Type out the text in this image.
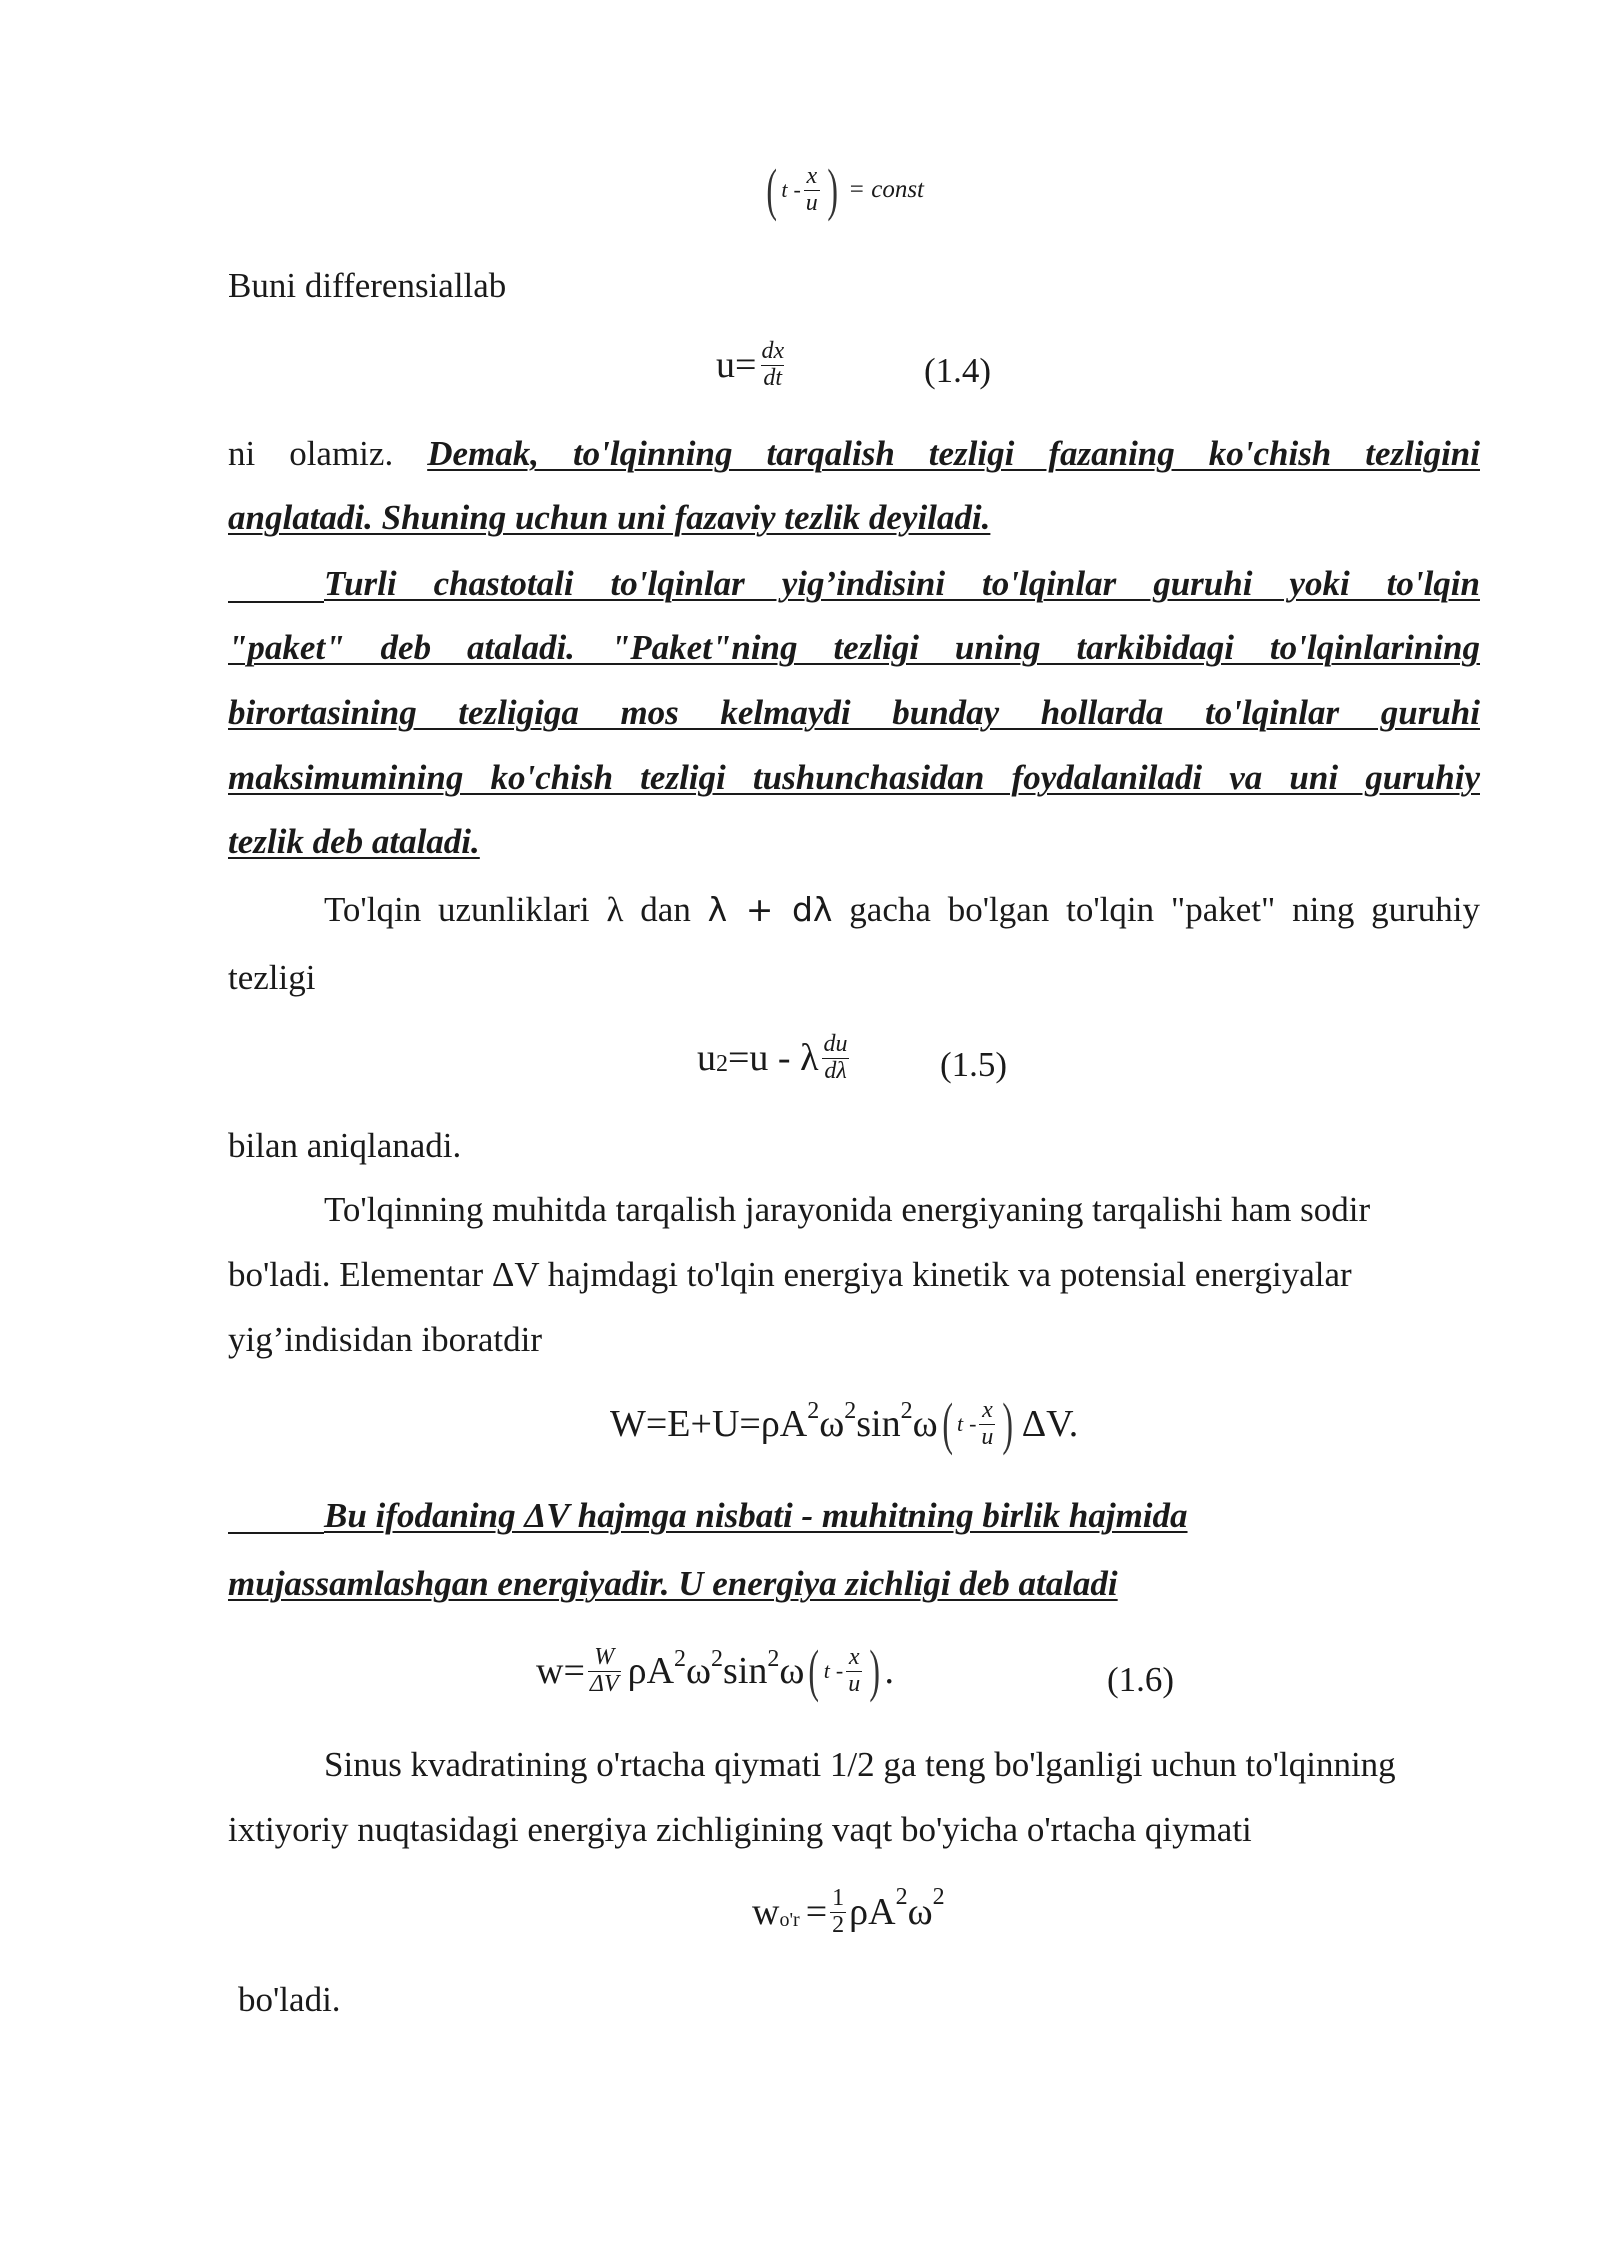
( t - $\frac{x}{u}$ ) = const
Buni differensiallab
$u= \frac{dx}{dt}$	(1.4)
ni olamiz. Demak, to'lqinning tarqalish tezligi fazaning ko'chish tezligini
anglatadi. Shuning uchun uni fazaviy tezlik deyiladi.
Turli chastotali to'lqinlar yig’indisini to'lqinlar guruhi yoki to'lqin
"paket" deb ataladi. "Paket"ning tezligi uning tarkibidagi to'lqinlarining
birortasining tezligiga mos kelmaydi bunday hollarda to'lqinlar guruhi
maksimumining ko'chish tezligi tushunchasidan foydalaniladi va uni guruhiy
tezlik deb ataladi.
To'lqin uzunliklari λ dan λ + dλ gacha bo'lgan to'lqin "paket" ning guruhiy
tezligi
u 2 =u - λ $\frac{du}{d\lambda}$	(1.5)
bilan aniqlanadi.
To'lqinning muhitda tarqalish jarayonida energiyaning tarqalishi ham sodir
bo'ladi. Elementar ΔV hajmdagi to'lqin energiya kinetik va potensial energiyalar
yig’indisidan iboratdir
W=E+U=ρA 2 ω 2 sin 2 ω ( t - $\frac{x}{u}$ ) ΔV.
Bu ifodaning ΔV hajmga nisbati - muhitning birlik hajmida
mujassamlashgan energiyadir. U energiya zichligi deb ataladi
$w= \frac{W}{\Delta V}$ ρA 2 ω 2 sin 2 ω ( t - $\frac{x}{u}$ ) .	(1.6)
Sinus kvadratining o'rtacha qiymati 1/2 ga teng bo'lganligi uchun to'lqinning
ixtiyoriy nuqtasidagi energiya zichligining vaqt bo'yicha o'rtacha qiymati
w $o'r = \frac{1}{2}$ ρA 2 ω 2
bo'ladi.
